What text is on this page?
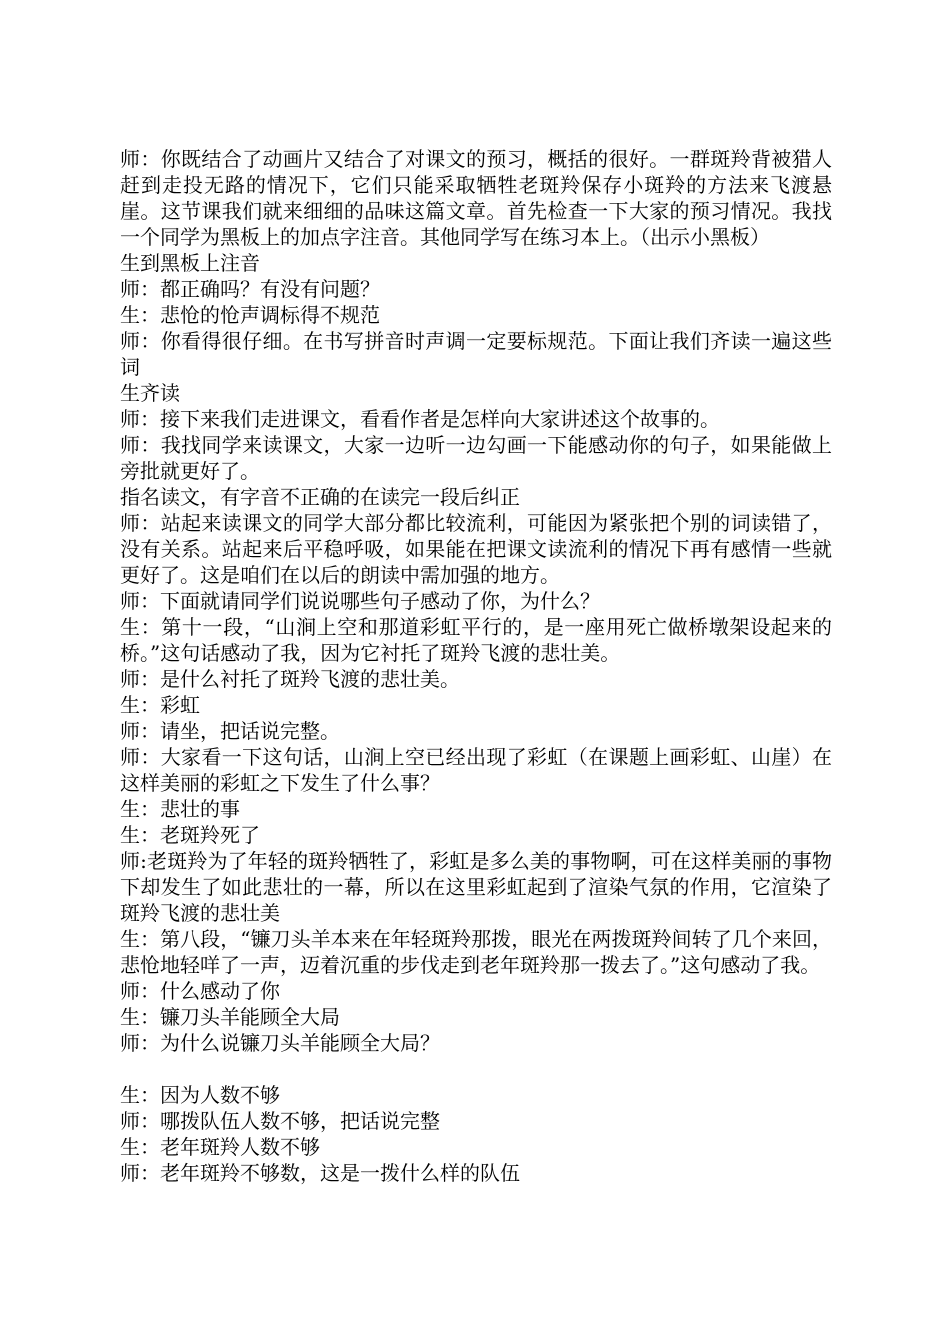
师：你既结合了动画片又结合了对课文的预习，概括的很好。一群斑羚背被猎人赶到走投无路的情况下，它们只能采取牺牲老斑羚保存小斑羚的方法来飞渡悬崖。这节课我们就来细细的品味这篇文章。首先检查一下大家的预习情况。我找一个同学为黑板上的加点字注音。其他同学写在练习本上。（出示小黑板）

生到黑板上注音

师：都正确吗？有没有问题？

生：悲怆的怆声调标得不规范

师：你看得很仔细。在书写拼音时声调一定要标规范。下面让我们齐读一遍这些词

生齐读

师：接下来我们走进课文，看看作者是怎样向大家讲述这个故事的。

师：我找同学来读课文，大家一边听一边勾画一下能感动你的句子，如果能做上旁批就更好了。

指名读文，有字音不正确的在读完一段后纠正

师：站起来读课文的同学大部分都比较流利，可能因为紧张把个别的词读错了，没有关系。站起来后平稳呼吸，如果能在把课文读流利的情况下再有感情一些就更好了。这是咱们在以后的朗读中需加强的地方。

师：下面就请同学们说说哪些句子感动了你，为什么？

生：第十一段，“山涧上空和那道彩虹平行的，是一座用死亡做桥墩架设起来的桥。”这句话感动了我，因为它衬托了斑羚飞渡的悲壮美。

师：是什么衬托了斑羚飞渡的悲壮美。

生：彩虹

师：请坐，把话说完整。

师：大家看一下这句话，山涧上空已经出现了彩虹（在课题上画彩虹、山崖）在这样美丽的彩虹之下发生了什么事？

生：悲壮的事

生：老斑羚死了

师:老斑羚为了年轻的斑羚牺牲了，彩虹是多么美的事物啊，可在这样美丽的事物下却发生了如此悲壮的一幕，所以在这里彩虹起到了渲染气氛的作用，它渲染了斑羚飞渡的悲壮美

生：第八段，“镰刀头羊本来在年轻斑羚那拨，眼光在两拨斑羚间转了几个来回，悲怆地轻咩了一声，迈着沉重的步伐走到老年斑羚那一拨去了。”这句感动了我。

师：什么感动了你

生：镰刀头羊能顾全大局

师：为什么说镰刀头羊能顾全大局？

生：因为人数不够

师：哪拨队伍人数不够，把话说完整

生：老年斑羚人数不够

师：老年斑羚不够数，这是一拨什么样的队伍
